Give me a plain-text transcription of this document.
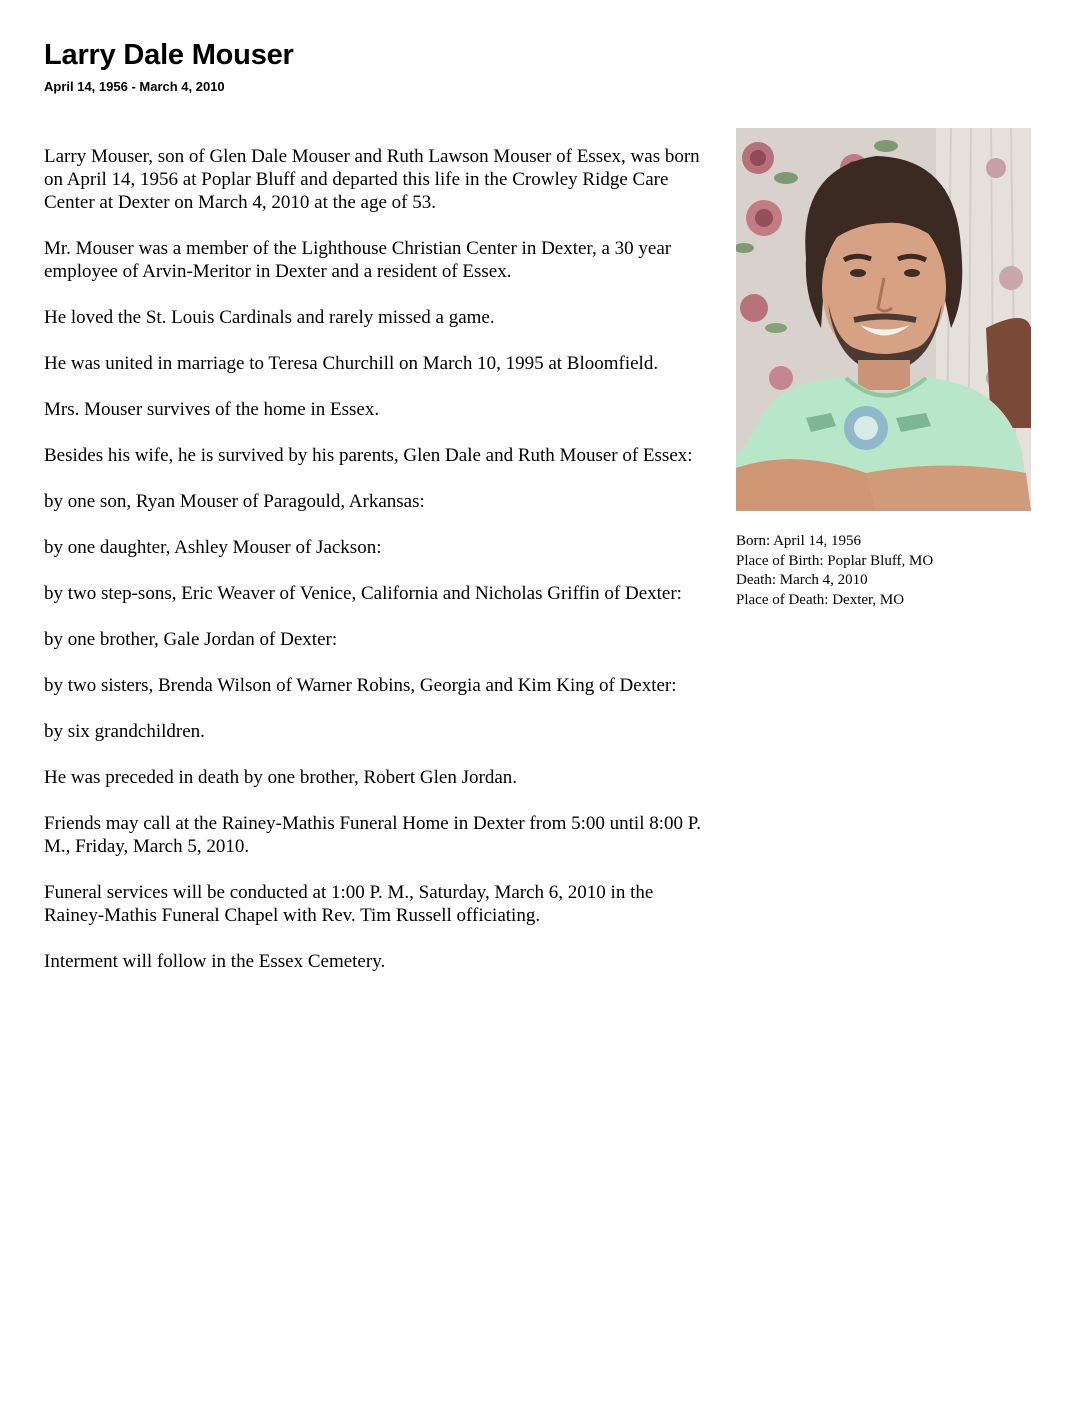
Larry Dale Mouser
April 14, 1956 - March 4, 2010

Larry Mouser, son of Glen Dale Mouser and Ruth Lawson Mouser of Essex, was born on April 14, 1956 at Poplar Bluff and departed this life in the Crowley Ridge Care Center at Dexter on March 4, 2010 at the age of 53.

Mr. Mouser was a member of the Lighthouse Christian Center in Dexter, a 30 year employee of Arvin-Meritor in Dexter and a resident of Essex.

He loved the St. Louis Cardinals and rarely missed a game.

He was united in marriage to Teresa Churchill on March 10, 1995 at Bloomfield.

Mrs. Mouser survives of the home in Essex.

Besides his wife, he is survived by his parents, Glen Dale and Ruth Mouser of Essex:

by one son, Ryan Mouser of Paragould, Arkansas:

by one daughter, Ashley Mouser of Jackson:

by two step-sons, Eric Weaver of Venice, California and Nicholas Griffin of Dexter:

by one brother, Gale Jordan of Dexter:

by two sisters, Brenda Wilson of Warner Robins, Georgia and Kim King of Dexter:

by six grandchildren.

He was preceded in death by one brother, Robert Glen Jordan.

Friends may call at the Rainey-Mathis Funeral Home in Dexter from 5:00 until 8:00 P. M., Friday, March 5, 2010.

Funeral services will be conducted at 1:00 P. M., Saturday, March 6, 2010 in the Rainey-Mathis Funeral Chapel with Rev. Tim Russell officiating.

Interment will follow in the Essex Cemetery.

Born: April 14, 1956
Place of Birth: Poplar Bluff, MO
Death: March 4, 2010
Place of Death: Dexter, MO
